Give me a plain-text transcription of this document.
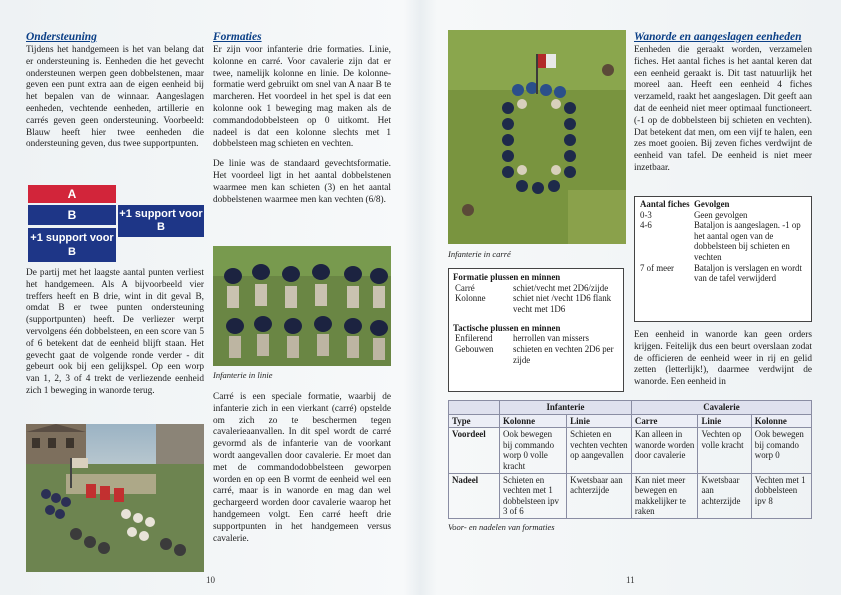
Ondersteuning

Tijdens het handgemeen is het van belang dat er ondersteuning is. Eenheden die het gevecht ondersteunen werpen geen dobbelstenen, maar geven een punt extra aan de eigen eenheid bij het bepalen van de winnaar. Aangeslagen eenheden, vechtende eenheden, artillerie en carrés geven geen ondersteuning. Voorbeeld: Blauw heeft hier twee eenheden die ondersteuning geven, dus twee supportpunten.

A
B	+1 support voor B
+1 support voor B

De partij met het laagste aantal punten verliest het handgemeen. Als A bijvoorbeeld vier treffers heeft en B drie, wint in dit geval B, omdat B er twee punten ondersteuning (supportpunten) heeft. De verliezer werpt vervolgens één dobbelsteen, en een score van 5 of 6 betekent dat de eenheid blijft staan. Het gevecht gaat de volgende ronde verder - dit gebeurt ook bij een gelijkspel. Op een worp van 1, 2, 3 of 4 trekt de verliezende eenheid zich 1 beweging in wanorde terug.

Formaties

Er zijn voor infanterie drie formaties. Linie, kolonne en carré. Voor cavalerie zijn dat er twee, namelijk kolonne en linie. De kolonne-formatie werd gebruikt om snel van A naar B te marcheren. Het voordeel in het spel is dat een kolonne ook 1 beweging mag maken als de commandodobbelsteen op 0 uitkomt. Het nadeel is dat een kolonne slechts met 1 dobbelsteen mag schieten en vechten.

De linie was de standaard gevechtsformatie. Het voordeel ligt in het aantal dobbelstenen waarmee men kan schieten (3) en het aantal dobbelstenen waarmee men kan vechten (6/8).

Infanterie in linie

Carré is een speciale formatie, waarbij de infanterie zich in een vierkant (carré) opstelde om zich zo te beschermen tegen cavalerieaanvallen. In dit spel wordt de carré gevormd als de infanterie van de voorkant wordt aangevallen door cavalerie. Er moet dan met de commandodobbelsteen geworpen worden en op een B vormt de eenheid wel een carré, maar is in wanorde en mag dan wel gechargeerd worden door cavalerie waarop het handgemeen volgt. Een carré heeft drie supportpunten in het handgemeen versus cavalerie.

10
Infanterie in carré
Formatie plussen en minnen
Carré	schiet/vecht met 2D6/zijde
Kolonne	schiet niet /vecht 1D6 flank vecht met 1D6
Tactische plussen en minnen
Enfilerend	herrollen van missers
Gebouwen	schieten en vechten 2D6 per zijde
Wanorde en aangeslagen eenheden

Eenheden die geraakt worden, verzamelen fiches. Het aantal fiches is het aantal keren dat een eenheid geraakt is. Dit tast natuurlijk het moreel aan. Heeft een eenheid 4 fiches verzameld, raakt het aangeslagen. Dit geeft aan dat de eenheid niet meer optimaal functioneert. (-1 op de dobbelsteen bij schieten en vechten). Dat betekent dat men, om een vijf te halen, een zes moet gooien. Bij zeven fiches verdwijnt de eenheid van tafel. De eenheid is niet meer inzetbaar.

Aantal fiches	Gevolgen
0-3	Geen gevolgen
4-6	Bataljon is aangeslagen. -1 op het aantal ogen van de dobbelsteen bij schieten en vechten
7 of meer	Bataljon is verslagen en wordt van de tafel verwijderd

Een eenheid in wanorde kan geen orders krijgen. Feitelijk dus een beurt overslaan zodat de officieren de eenheid weer in rij en gelid zetten (letterlijk!), daarmee verdwijnt de wanorde. Een eenheid in

	Infanterie		Cavalerie		
Type	Kolonne	Linie	Carre	Linie	Kolonne
Voordeel	Ook bewegen bij commando worp 0 volle kracht	Schieten en vechten vechten op aangevallen	Kan alleen in wanorde worden door cavalerie	Vechten op volle kracht	Ook bewegen bij comando worp 0
Nadeel	Schieten en vechten met 1 dobbelsteen ipv 3 of 6	Kwetsbaar aan achterzijde	Kan niet meer bewegen en makkelijker te raken	Kwetsbaar aan achterzijde	Vechten met 1 dobbelsteen ipv 8
Voor- en nadelen van formaties
11
